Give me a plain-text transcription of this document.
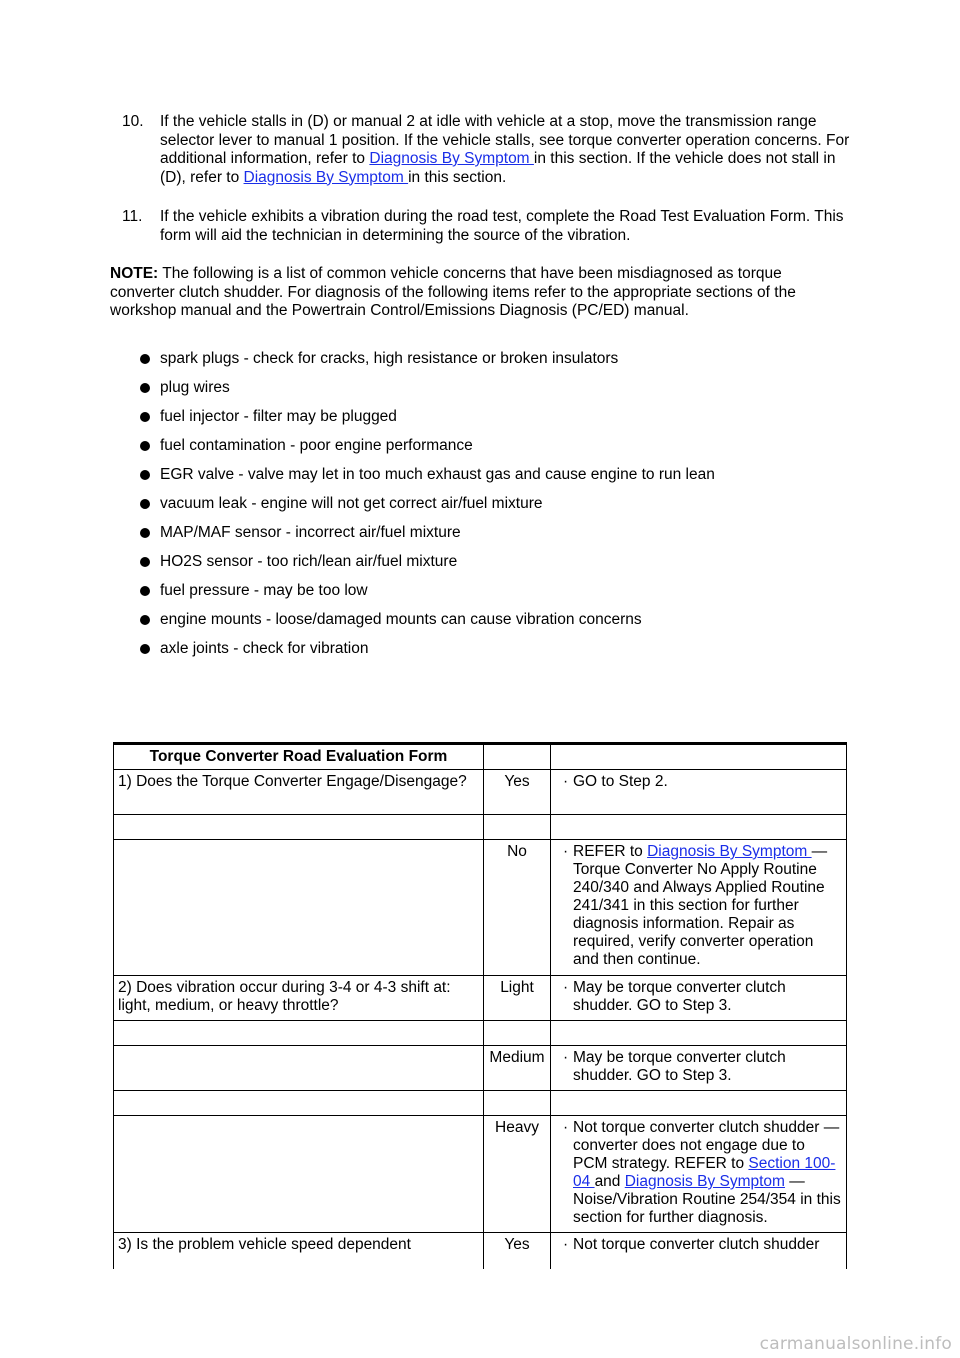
10. If the vehicle stalls in (D) or manual 2 at idle with vehicle at a stop, move the transmission range selector lever to manual 1 position. If the vehicle stalls, see torque converter operation concerns. For additional information, refer to Diagnosis By Symptom in this section. If the vehicle does not stall in (D), refer to Diagnosis By Symptom in this section.
11. If the vehicle exhibits a vibration during the road test, complete the Road Test Evaluation Form. This form will aid the technician in determining the source of the vibration.
NOTE: The following is a list of common vehicle concerns that have been misdiagnosed as torque converter clutch shudder. For diagnosis of the following items refer to the appropriate sections of the workshop manual and the Powertrain Control/Emissions Diagnosis (PC/ED) manual.
spark plugs - check for cracks, high resistance or broken insulators
plug wires
fuel injector - filter may be plugged
fuel contamination - poor engine performance
EGR valve - valve may let in too much exhaust gas and cause engine to run lean
vacuum leak - engine will not get correct air/fuel mixture
MAP/MAF sensor - incorrect air/fuel mixture
HO2S sensor - too rich/lean air/fuel mixture
fuel pressure - may be too low
engine mounts - loose/damaged mounts can cause vibration concerns
axle joints - check for vibration
Torque Converter Road Evaluation Form		
1) Does the Torque Converter Engage/Disengage?	Yes	· GO to Step 2.

	No	· REFER to Diagnosis By Symptom — Torque Converter No Apply Routine 240/340 and Always Applied Routine 241/341 in this section for further diagnosis information. Repair as required, verify converter operation and then continue.

2) Does vibration occur during 3-4 or 4-3 shift at: light, medium, or heavy throttle?	Light	· May be torque converter clutch shudder. GO to Step 3.

	Medium	· May be torque converter clutch shudder. GO to Step 3.

	Heavy	· Not torque converter clutch shudder — converter does not engage due to PCM strategy. REFER to Section 100-04 and Diagnosis By Symptom — Noise/Vibration Routine 254/354 in this section for further diagnosis.

3) Is the problem vehicle speed dependent	Yes	· Not torque converter clutch shudder
carmanualsonline.info
